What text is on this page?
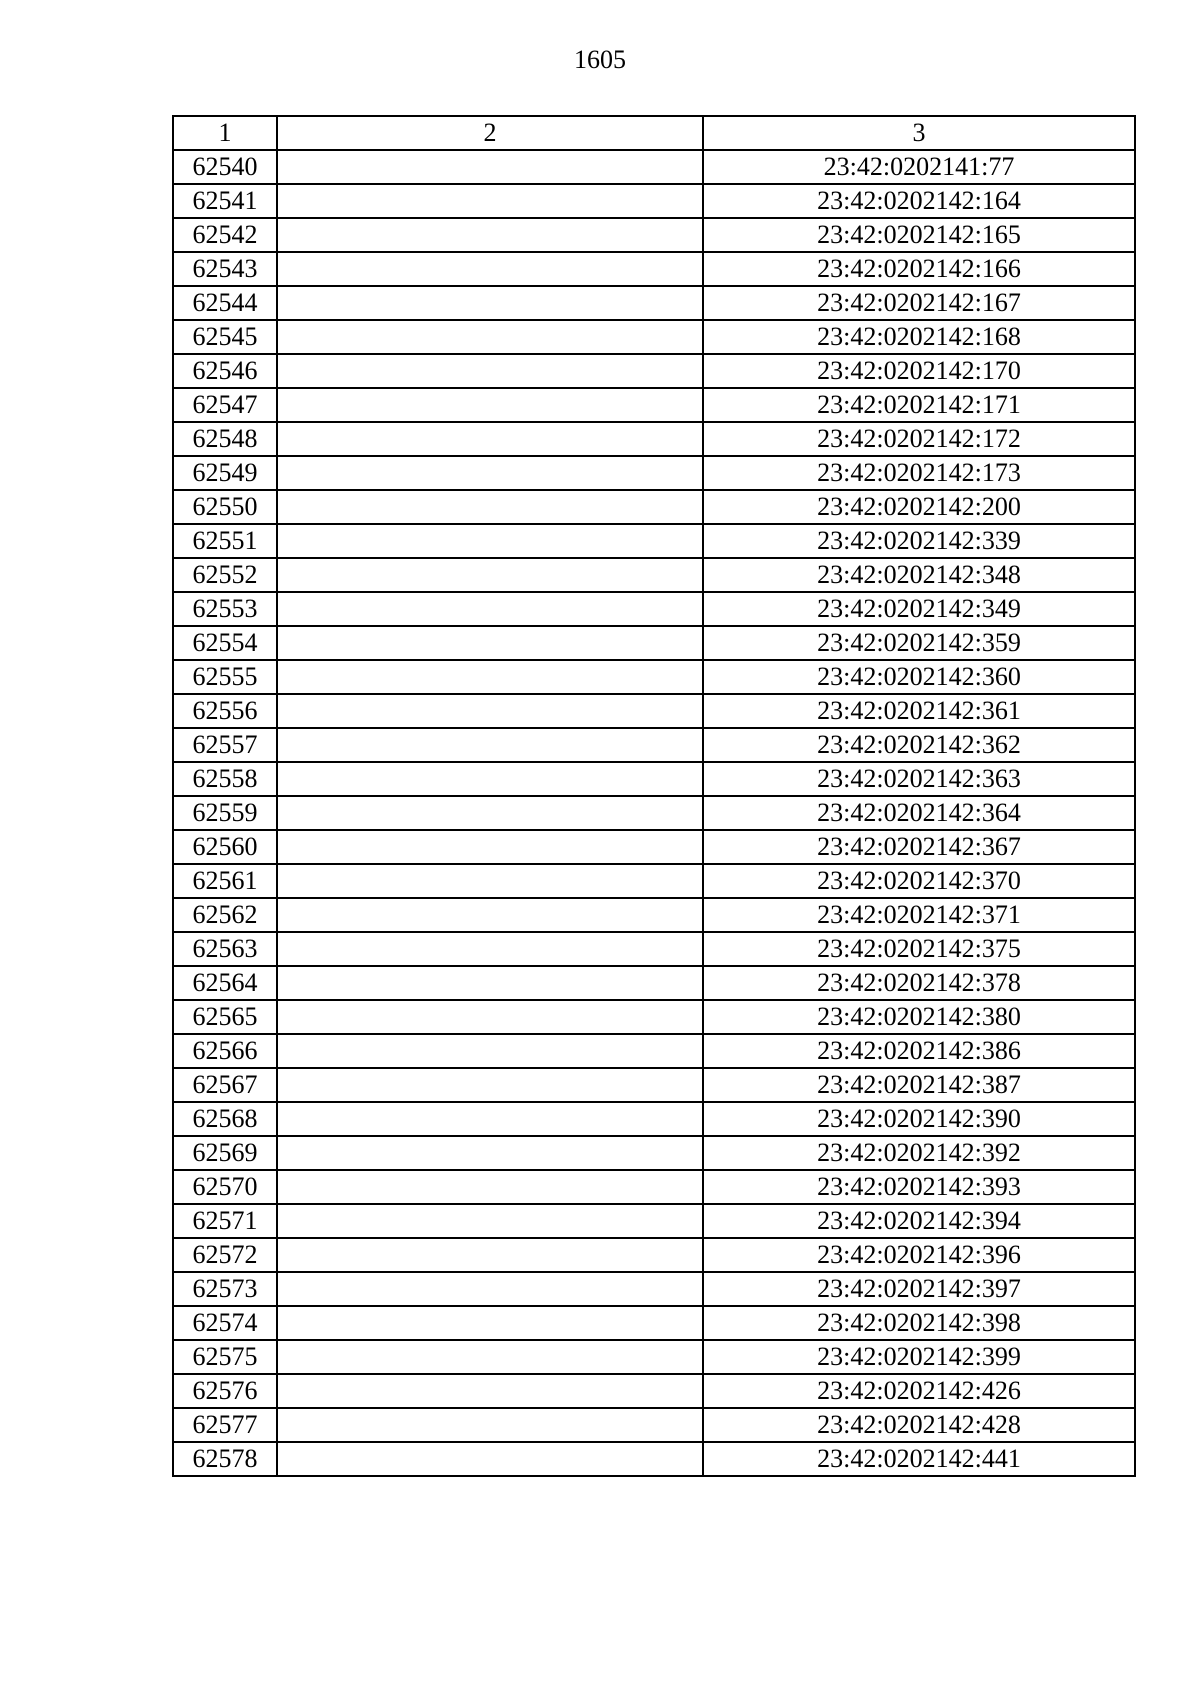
1605
1	2	3
62540		23:42:0202141:77
62541		23:42:0202142:164
62542		23:42:0202142:165
62543		23:42:0202142:166
62544		23:42:0202142:167
62545		23:42:0202142:168
62546		23:42:0202142:170
62547		23:42:0202142:171
62548		23:42:0202142:172
62549		23:42:0202142:173
62550		23:42:0202142:200
62551		23:42:0202142:339
62552		23:42:0202142:348
62553		23:42:0202142:349
62554		23:42:0202142:359
62555		23:42:0202142:360
62556		23:42:0202142:361
62557		23:42:0202142:362
62558		23:42:0202142:363
62559		23:42:0202142:364
62560		23:42:0202142:367
62561		23:42:0202142:370
62562		23:42:0202142:371
62563		23:42:0202142:375
62564		23:42:0202142:378
62565		23:42:0202142:380
62566		23:42:0202142:386
62567		23:42:0202142:387
62568		23:42:0202142:390
62569		23:42:0202142:392
62570		23:42:0202142:393
62571		23:42:0202142:394
62572		23:42:0202142:396
62573		23:42:0202142:397
62574		23:42:0202142:398
62575		23:42:0202142:399
62576		23:42:0202142:426
62577		23:42:0202142:428
62578		23:42:0202142:441
